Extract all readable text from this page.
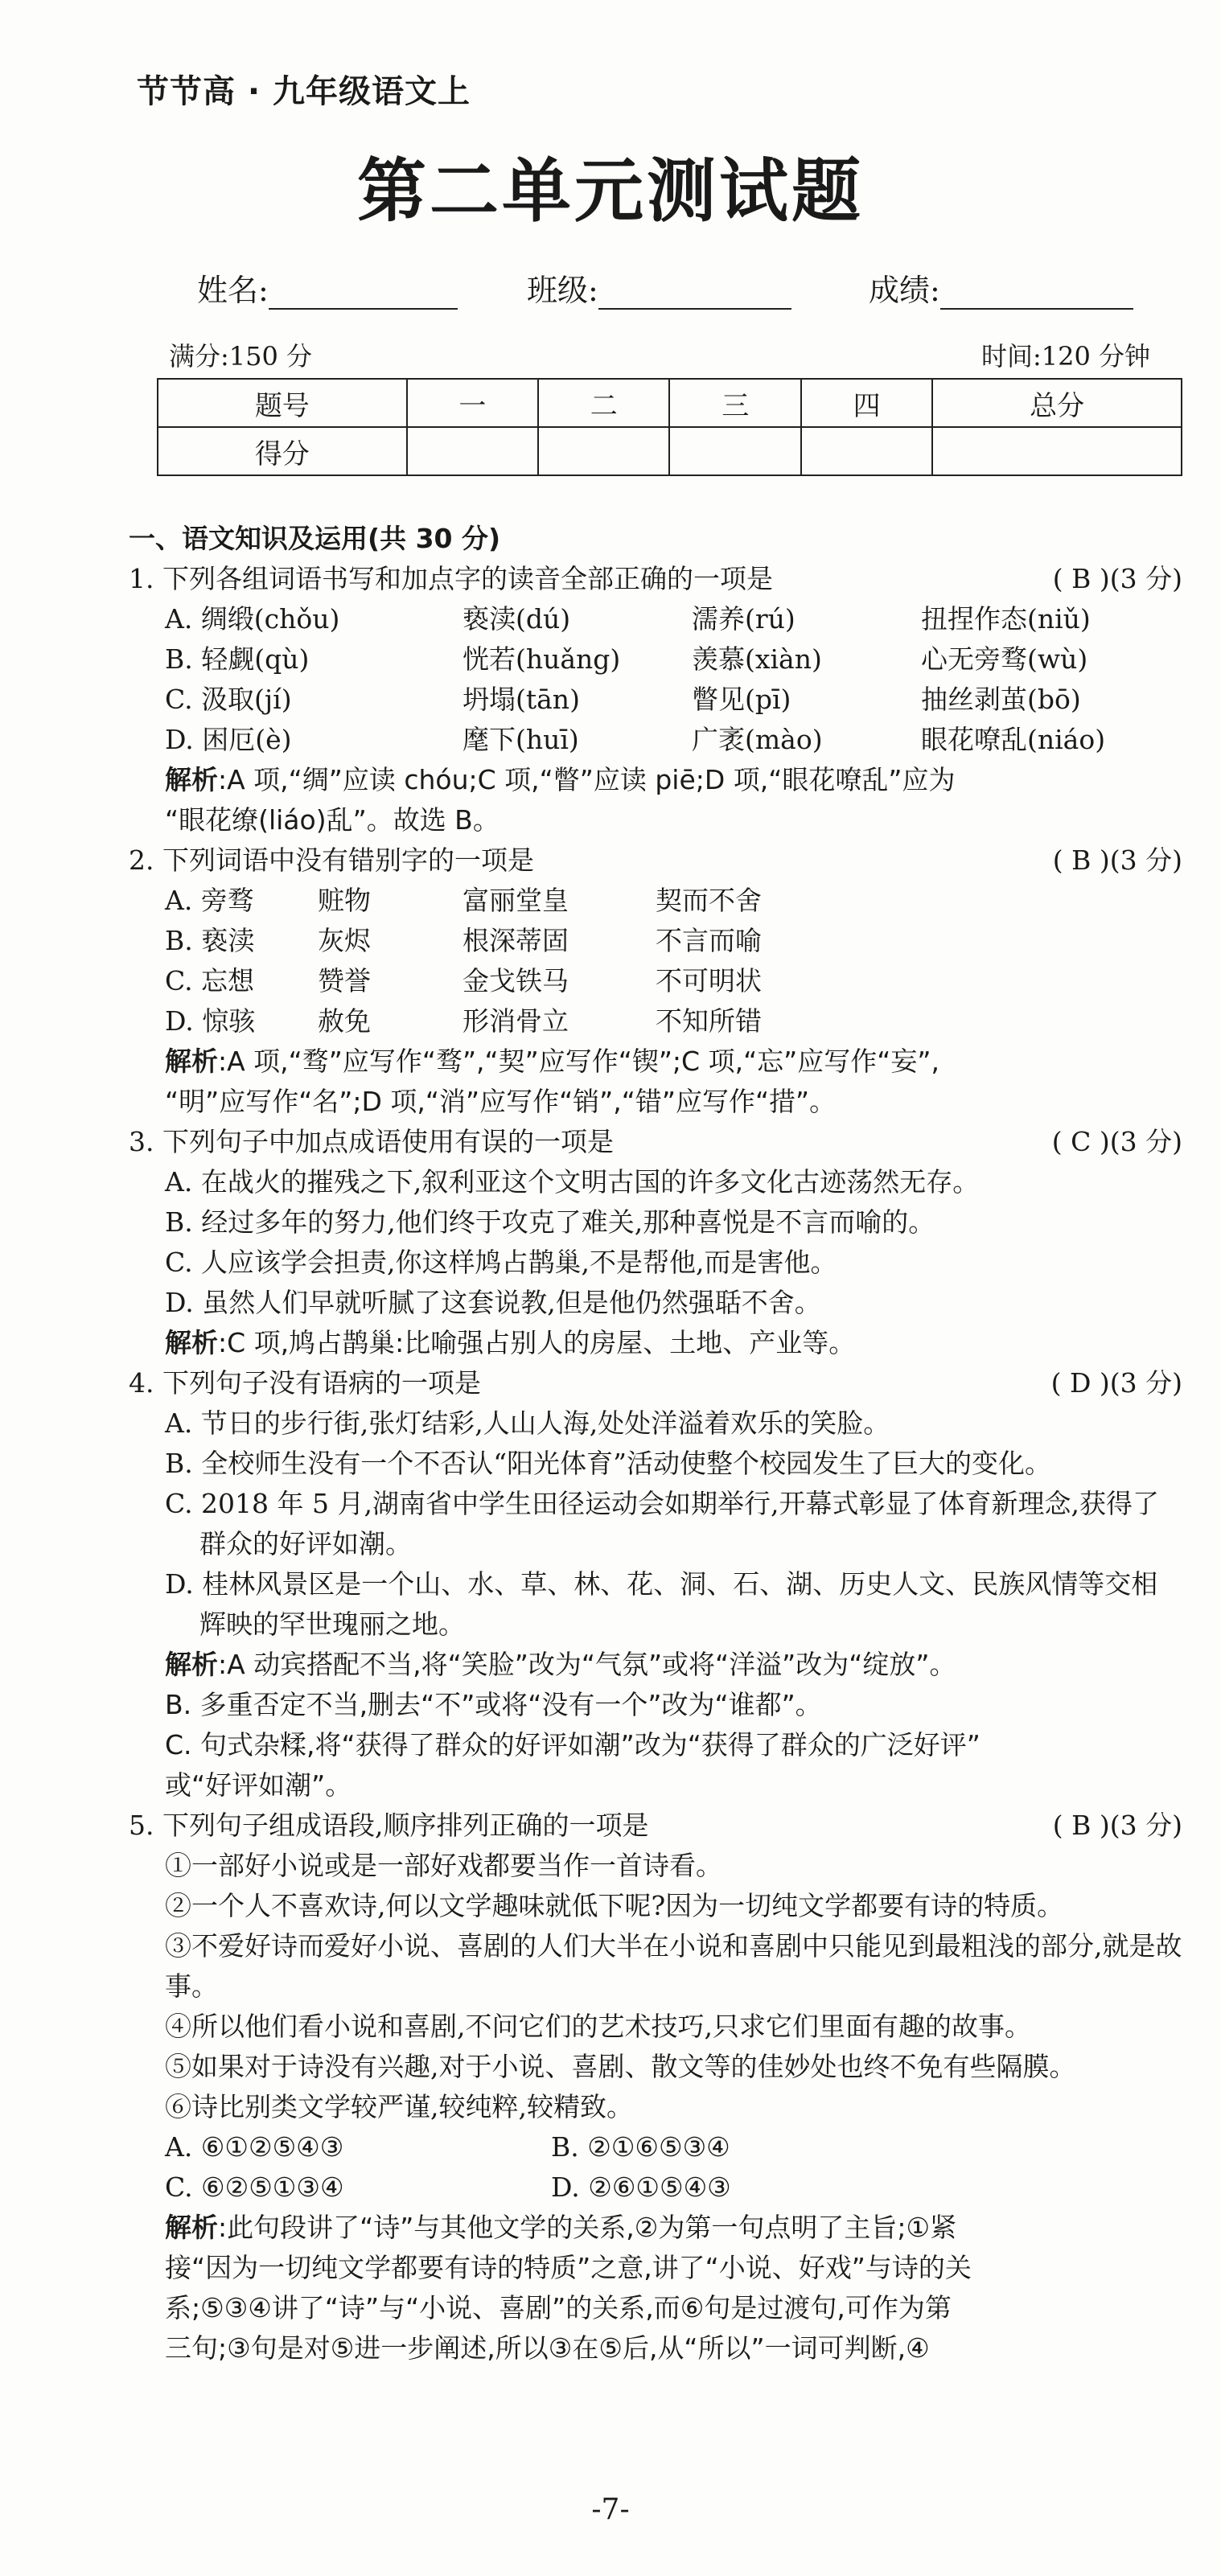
节节高 · 九年级语文上
第二单元测试题
姓名:	班级:	成绩:
满分:150 分	时间:120 分钟
题号	一	二	三	四	总分
得分					
一、语文知识及运用(共 30 分)
1. 下列各组词语书写和加点字的读音全部正确的一项是	( B )(3 分)
A. 绸缎(chǒu)	亵渎(dú)	濡养(rú)	扭捏作态(niǔ)
B. 轻觑(qù)	恍若(huǎng)	羡慕(xiàn)	心无旁骛(wù)
C. 汲取(jí)	坍塌(tān)	瞥见(pī)	抽丝剥茧(bō)
D. 困厄(è)	麾下(huī)	广袤(mào)	眼花嘹乱(niáo)
解析:A 项,“绸”应读 chóu;C 项,“瞥”应读 piē;D 项,“眼花嘹乱”应为
“眼花缭(liáo)乱”。故选 B。
2. 下列词语中没有错别字的一项是	( B )(3 分)
A. 旁骛	赃物	富丽堂皇	契而不舍
B. 亵渎	灰烬	根深蒂固	不言而喻
C. 忘想	赞誉	金戈铁马	不可明状
D. 惊骇	赦免	形消骨立	不知所错
解析:A 项,“骛”应写作“骛”,“契”应写作“锲”;C 项,“忘”应写作“妄”,
“明”应写作“名”;D 项,“消”应写作“销”,“错”应写作“措”。
3. 下列句子中加点成语使用有误的一项是	( C )(3 分)
A. 在战火的摧残之下,叙利亚这个文明古国的许多文化古迹荡然无存。
B. 经过多年的努力,他们终于攻克了难关,那种喜悦是不言而喻的。
C. 人应该学会担责,你这样鸠占鹊巢,不是帮他,而是害他。
D. 虽然人们早就听腻了这套说教,但是他仍然强聒不舍。
解析:C 项,鸠占鹊巢:比喻强占别人的房屋、土地、产业等。
4. 下列句子没有语病的一项是	( D )(3 分)
A. 节日的步行街,张灯结彩,人山人海,处处洋溢着欢乐的笑脸。
B. 全校师生没有一个不否认“阳光体育”活动使整个校园发生了巨大的变化。
C. 2018 年 5 月,湖南省中学生田径运动会如期举行,开幕式彰显了体育新理念,获得了群众的好评如潮。
D. 桂林风景区是一个山、水、草、林、花、洞、石、湖、历史人文、民族风情等交相辉映的罕世瑰丽之地。
解析:A 动宾搭配不当,将“笑脸”改为“气氛”或将“洋溢”改为“绽放”。
B. 多重否定不当,删去“不”或将“没有一个”改为“谁都”。
C. 句式杂糅,将“获得了群众的好评如潮”改为“获得了群众的广泛好评”
或“好评如潮”。
5. 下列句子组成语段,顺序排列正确的一项是	( B )(3 分)
①一部好小说或是一部好戏都要当作一首诗看。
②一个人不喜欢诗,何以文学趣味就低下呢?因为一切纯文学都要有诗的特质。
③不爱好诗而爱好小说、喜剧的人们大半在小说和喜剧中只能见到最粗浅的部分,就是故事。
④所以他们看小说和喜剧,不问它们的艺术技巧,只求它们里面有趣的故事。
⑤如果对于诗没有兴趣,对于小说、喜剧、散文等的佳妙处也终不免有些隔膜。
⑥诗比别类文学较严谨,较纯粹,较精致。
A. ⑥①②⑤④③	B. ②①⑥⑤③④
C. ⑥②⑤①③④	D. ②⑥①⑤④③
解析:此句段讲了“诗”与其他文学的关系,②为第一句点明了主旨;①紧
接“因为一切纯文学都要有诗的特质”之意,讲了“小说、好戏”与诗的关
系;⑤③④讲了“诗”与“小说、喜剧”的关系,而⑥句是过渡句,可作为第
三句;③句是对⑤进一步阐述,所以③在⑤后,从“所以”一词可判断,④
-7-
